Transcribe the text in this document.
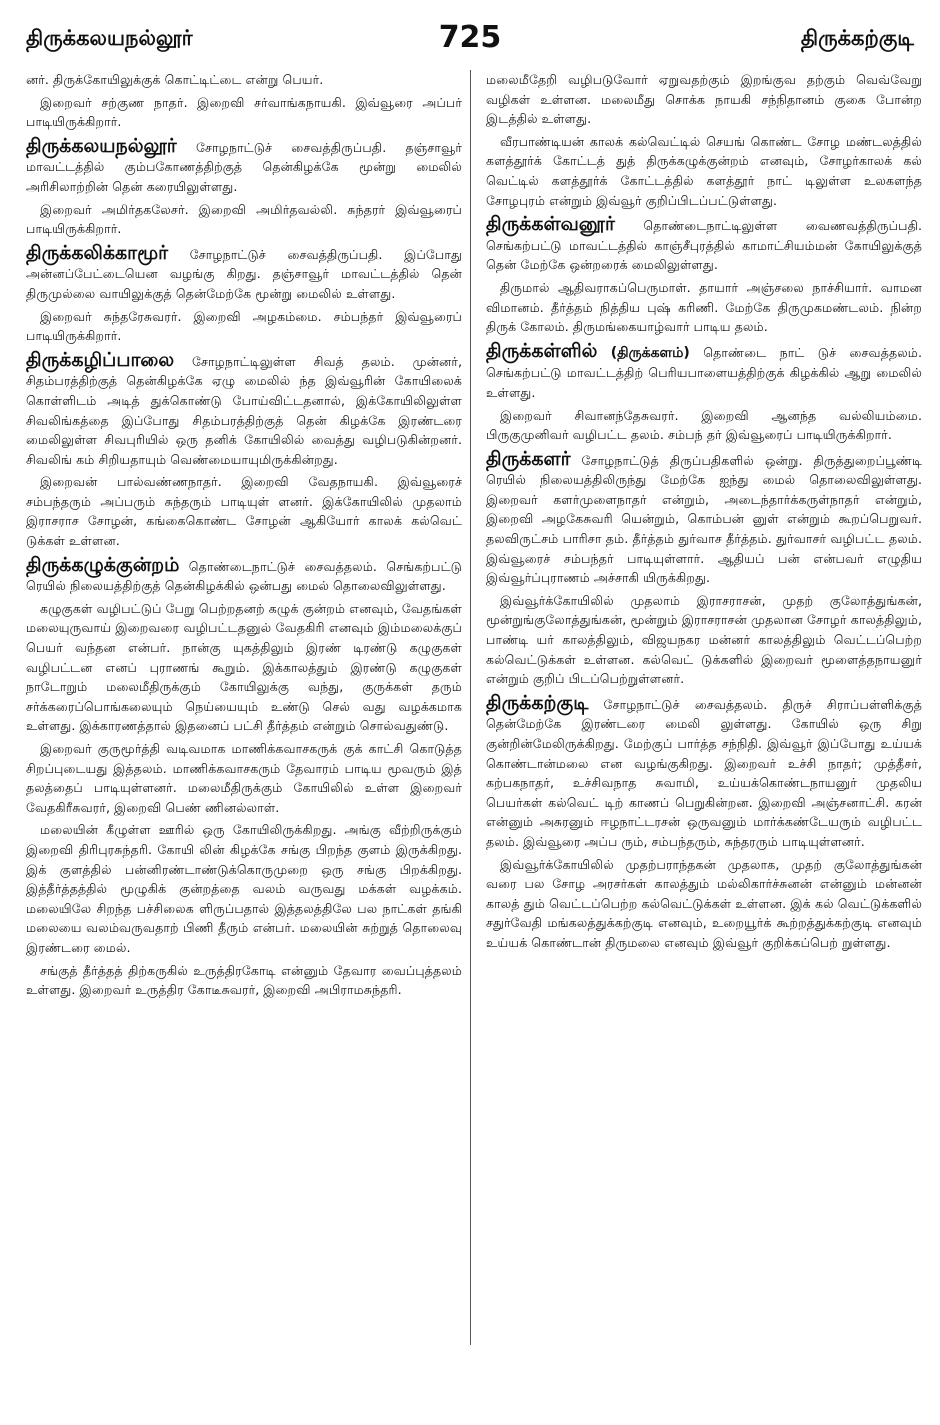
திருக்கலயநல்லூர்	725	திருக்கற்குடி

னர். திருக்கோயிலுக்குக் கொட்டிட்டை என்று பெயர்.

இறைவர் சற்குண நாதர். இறைவி சர்வாங்கநாயகி. இவ்வூரை அப்பர் பாடியிருக்கிறார்.

திருக்கலயநல்லூர் சோழநாட்டுச் சைவத்திருப்பதி. தஞ்சாவூர் மாவட்டத்தில் கும்பகோணத்திற்குத் தென்கிழக்கே மூன்று மைலில் அரிசிலாற்றின் தென் கரையிலுள்ளது.

இறைவர் அமிர்தகலேசர். இறைவி அமிர்தவல்லி. சுந்தரர் இவ்வூரைப் பாடியிருக்கிறார்.

திருக்கலிக்காமூர் சோழநாட்டுச் சைவத்திருப்பதி. இப்போது அன்னப்பேட்டையென வழங்கு கிறது. தஞ்சாவூர் மாவட்டத்தில் தென் திருமுல்லை வாயிலுக்குத் தென்மேற்கே மூன்று மைலில் உள்ளது.

இறைவர் சுந்தரேசுவரர். இறைவி அழகம்மை. சம்பந்தர் இவ்வூரைப் பாடியிருக்கிறார்.

திருக்கழிப்பாலை சோழநாட்டிலுள்ள சிவத் தலம். முன்னர், சிதம்பரத்திற்குத் தென்கிழக்கே ஏழு மைலில் ந்த இவ்வூரின் கோயிலைக் கொள்ளிடம் அடித் துக்கொண்டு போய்விட்டதனால், இக்கோயிலிலுள்ள சிவலிங்கத்தை இப்போது சிதம்பரத்திற்குத் தென் கிழக்கே இரண்டரை மைலிலுள்ள சிவபுரியில் ஒரு தனிக் கோயிலில் வைத்து வழிபடுகின்றனர். சிவலிங் கம் சிறியதாயும் வெண்மையாயுமிருக்கின்றது.

இறைவன் பால்வண்ணநாதர். இறைவி வேதநாயகி. இவ்வூரைச் சம்பந்தரும் அப்பரும் சுந்தரும் பாடியுள் ளனர். இக்கோயிலில் முதலாம் இராசராச சோழன், கங்கைகொண்ட சோழன் ஆகியோர் காலக் கல்வெட் டுக்கள் உள்ளன.

திருக்கழுக்குன்றம் தொண்டைநாட்டுச் சைவத்தலம். செங்கற்பட்டு ரெயில் நிலையத்திற்குத் தென்கிழக்கில் ஒன்பது மைல் தொலைவிலுள்ளது.

கழுகுகள் வழிபட்டுப் பேறு பெற்றதனற் கழுக் குன்றம் எனவும், வேதங்கள் மலையுருவாய் இறைவரை வழிபட்டதனுல் வேதகிரி எனவும் இம்மலைக்குப் பெயர் வந்தன என்பர். நான்கு யுகத்திலும் இரண் டிரண்டு கழுகுகள் வழிபட்டன எனப் புராணங் கூறும். இக்காலத்தும் இரண்டு கழுகுகள் நாடோறும் மலைமீதிருக்கும் கோயிலுக்கு வந்து, குருக்கள் தரும் சர்க்கரைப்பொங்கலையும் நெய்யையும் உண்டு செல் வது வழக்கமாக உள்ளது. இக்காரணத்தால் இதனைப் பட்சி தீர்த்தம் என்றும் சொல்வதுண்டு.

இறைவர் குருமூர்த்தி வடிவமாக மாணிக்கவாசகருக் குக் காட்சி கொடுத்த சிறப்புடையது இத்தலம். மாணிக்கவாசகரும் தேவாரம் பாடிய மூவரும் இத் தலத்தைப் பாடியுள்ளனர். மலைமீதிருக்கும் கோயிலில் உள்ள இறைவர் வேதகிரீசுவரர், இறைவி பெண் ணினல்லாள்.

மலையின் கீழுள்ள ஊரில் ஒரு கோயிலிருக்கிறது. அங்கு வீற்றிருக்கும் இறைவி திரிபுரசுந்தரி. கோயி லின் கிழக்கே சங்கு பிறந்த குளம் இருக்கிறது. இக் குளத்தில் பன்னிரண்டாண்டுக்கொருமுறை ஒரு சங்கு பிறக்கிறது. இத்தீர்த்தத்தில் மூழுகிக் குன்றத்தை வலம் வருவது மக்கள் வழக்கம். மலையிலே சிறந்த பச்சிலைக ளிருப்பதால் இத்தலத்திலே பல நாட்கள் தங்கி மலையை வலம்வருவதாற் பிணி தீரும் என்பர். மலையின் சுற்றுத் தொலைவு இரண்டரை மைல்.

சங்குத் தீர்த்தத் திற்கருகில் உருத்திரகோடி என்னும் தேவார வைப்புத்தலம் உள்ளது. இறைவர் உருத்திர கோடீசுவரர், இறைவி அபிராமசுந்தரி.

மலைமீதேறி வழிபடுவோர் ஏறுவதற்கும் இறங்குவ தற்கும் வெவ்வேறு வழிகள் உள்ளன. மலைமீது சொக்க நாயகி சந்நிதானம் குகை போன்ற இடத்தில் உள்ளது.

வீரபாண்டியன் காலக் கல்வெட்டில் செயங் கொண்ட சோழ மண்டலத்தில் களத்தூர்க் கோட்டத் துத் திருக்கழுக்குன்றம் எனவும், சோழர்காலக் கல் வெட்டில் களத்தூர்க் கோட்டத்தில் களத்தூர் நாட் டிலுள்ள உலகளந்த சோழபுரம் என்றும் இவ்வூர் குறிப்பிடப்பட்டுள்ளது.

திருக்கள்வனூர் தொண்டைநாட்டிலுள்ள வைணவத்திருப்பதி. செங்கற்பட்டு மாவட்டத்தில் காஞ்சீபுரத்தில் காமாட்சியம்மன் கோயிலுக்குத் தென் மேற்கே ஒன்றரைக் மைலிலுள்ளது.

திருமால் ஆதிவராகப்பெருமாள். தாயார் அஞ்சலை நாச்சியார். வாமன விமானம். தீர்த்தம் நித்திய புஷ் கரிணி. மேற்கே திருமுகமண்டலம். நின்ற திருக் கோலம். திருமங்கையாழ்வார் பாடிய தலம்.

திருக்கள்ளில் (திருக்களம்) தொண்டை நாட் டுச் சைவத்தலம். செங்கற்பட்டு மாவட்டத்திற் பெரியபாளையத்திற்குக் கிழக்கில் ஆறு மைலில் உள்ளது.

இறைவர் சிவானந்தேசுவரர். இறைவி ஆனந்த வல்லியம்மை. பிருகுமுனிவர் வழிபட்ட தலம். சம்பந் தர் இவ்வூரைப் பாடியிருக்கிறார்.

திருக்களர் சோழநாட்டுத் திருப்பதிகளில் ஒன்று. திருத்துறைப்பூண்டி ரெயில் நிலையத்திலிருந்து மேற்கே ஐந்து மைல் தொலைவிலுள்ளது. இறைவர் களர்முளைநாதர் என்றும், அடைந்தார்க்கருள்நாதர் என்றும், இறைவி அழகேசுவரி யென்றும், கொம்பன் னுள் என்றும் கூறப்பெறுவர். தலவிருட்சம் பாரிசா தம். தீர்த்தம் துர்வாச தீர்த்தம். துர்வாசர் வழிபட்ட தலம். இவ்வூரைச் சம்பந்தர் பாடியுள்ளார். ஆதியப் பன் என்பவர் எழுதிய இவ்வூர்ப்புராணம் அச்சாகி யிருக்கிறது.

இவ்வூர்க்கோயிலில் முதலாம் இராசராசன், முதற் குலோத்துங்கன், மூன்றுங்குலோத்துங்கன், மூன்றும் இராசராசன் முதலான சோழர் காலத்திலும், பாண்டி யர் காலத்திலும், விஜயநகர மன்னர் காலத்திலும் வெட்டப்பெற்ற கல்வெட்டுக்கள் உள்ளன. கல்வெட் டுக்களில் இறைவர் மூளைத்தநாயனுர் என்றும் குறிப் பிடப்பெற்றுள்ளனர்.

திருக்கற்குடி சோழநாட்டுச் சைவத்தலம். திருச் சிராப்பள்ளிக்குத் தென்மேற்கே இரண்டரை மைலி லுள்ளது. கோயில் ஒரு சிறு குன்றின்மேலிருக்கிறது. மேற்குப் பார்த்த சந்நிதி. இவ்வூர் இப்போது உய்யக் கொண்டான்மலை என வழங்குகிறது. இறைவர் உச்சி நாதர்; முத்தீசர், கற்பகநாதர், உச்சிவநாத சுவாமி, உய்யக்கொண்டநாயனுர் முதலிய பெயர்கள் கல்வெட் டிற் காணப் பெறுகின்றன. இறைவி அஞ்சனாட்சி. கரன் என்னும் அசுரனும் ஈழநாட்டரசன் ஒருவனும் மார்க்கண்டேயரும் வழிபட்ட தலம். இவ்வூரை அப்ப ரும், சம்பந்தரும், சுந்தரரும் பாடியுள்ளனர்.

இவ்வூர்க்கோயிலில் முதற்பராந்தகன் முதலாக, முதற் குலோத்துங்கன் வரை பல சோழ அரசர்கள் காலத்தும் மல்லிகார்ச்சுனன் என்னும் மன்னன் காலத் தும் வெட்டப்பெற்ற கல்வெட்டுக்கள் உள்ளன. இக் கல் வெட்டுக்களில் சதுர்வேதி மங்கலத்துக்கற்குடி எனவும், உறையூர்க் கூற்றத்துக்கற்குடி எனவும் உய்யக் கொண்டான் திருமலை எனவும் இவ்வூர் குறிக்கப்பெற் றுள்ளது.
